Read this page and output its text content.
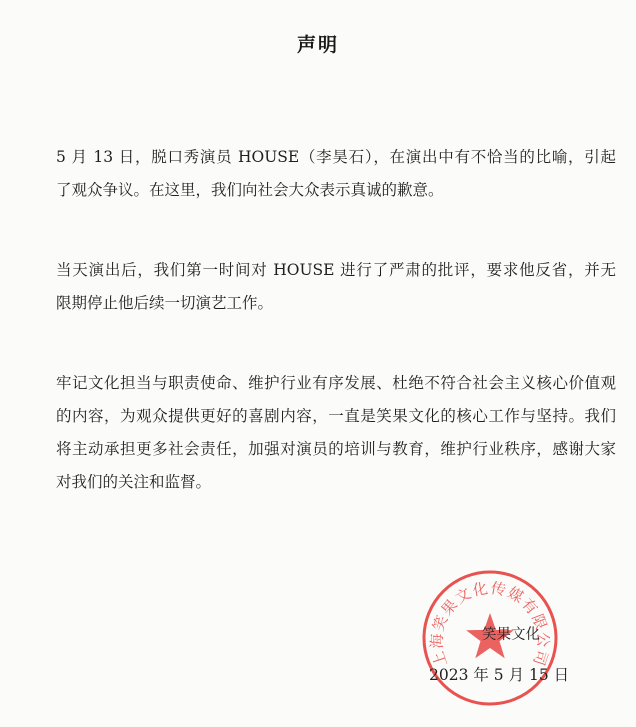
声明
5 月 13 日，脱口秀演员 HOUSE（李昊石），在演出中有不恰当的比喻，引起
了观众争议。在这里，我们向社会大众表示真诚的歉意。
当天演出后，我们第一时间对 HOUSE 进行了严肃的批评，要求他反省，并无
限期停止他后续一切演艺工作。
牢记文化担当与职责使命、维护行业有序发展、杜绝不符合社会主义核心价值观
的内容，为观众提供更好的喜剧内容，一直是笑果文化的核心工作与坚持。我们
将主动承担更多社会责任，加强对演员的培训与教育，维护行业秩序，感谢大家
对我们的关注和监督。
上海笑果文化传媒有限公司
笑果文化
2023 年 5 月 15 日
